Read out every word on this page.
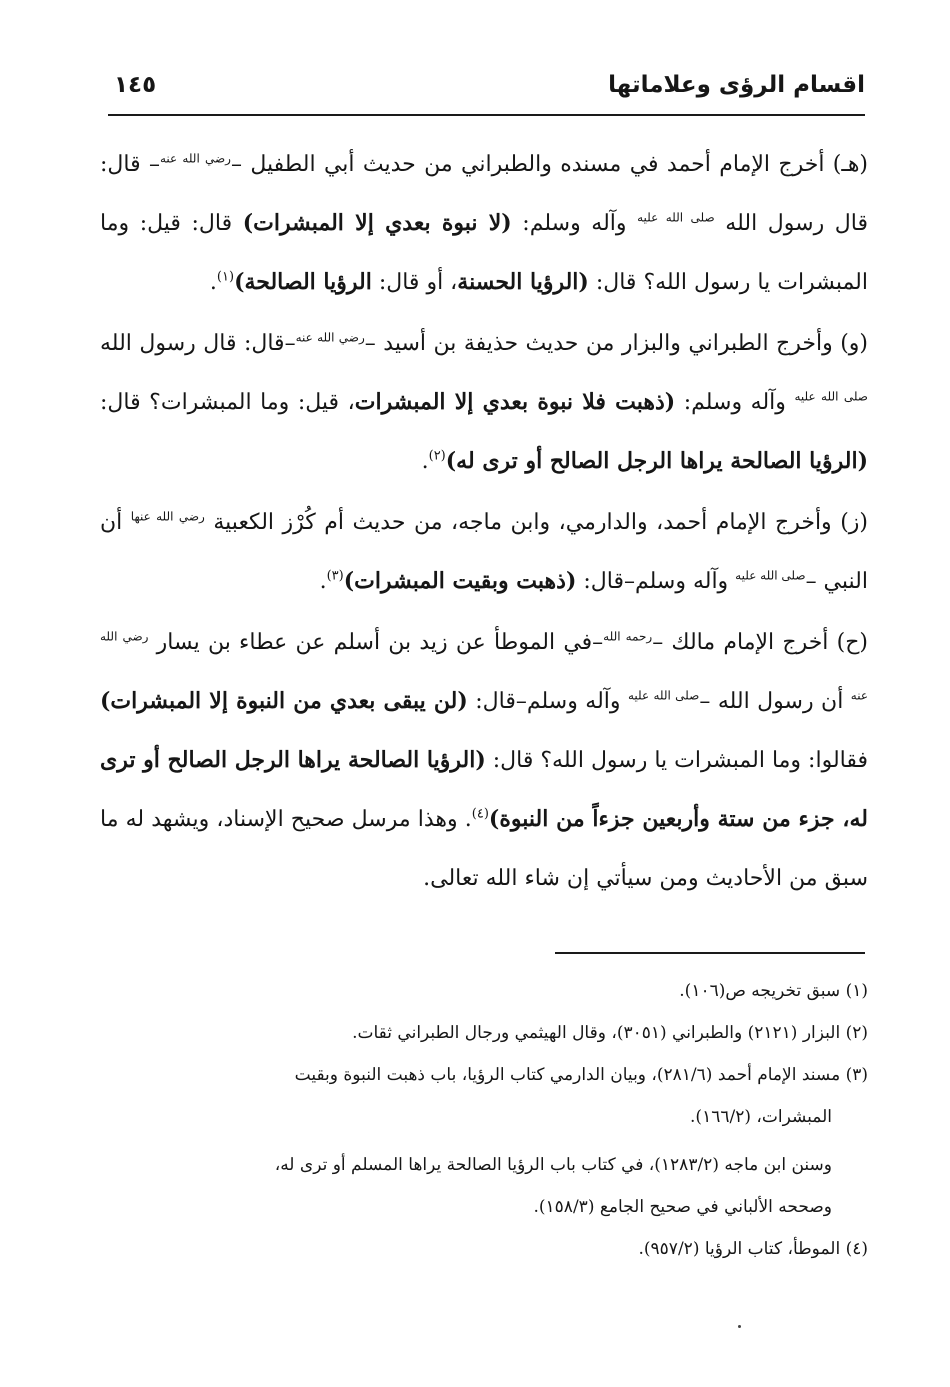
اقسام الرؤى وعلاماتها
١٤٥

(هـ) أخرج الإمام أحمد في مسنده والطبراني من حديث أبي الطفيل –$^{رضي الله عنه}$– قال: قال رسول الله $^{صلى الله عليه}$ وآله وسلم: (لا نبوة بعدي إلا المبشرات) قال: قيل: وما المبشرات يا رسول الله؟ قال: (الرؤيا الحسنة، أو قال: الرؤيا الصالحة)$^{(١)}$.

(و) وأخرج الطبراني والبزار من حديث حذيفة بن أسيد –$^{رضي الله عنه}$–قال: قال رسول الله $^{صلى الله عليه}$ وآله وسلم: (ذهبت فلا نبوة بعدي إلا المبشرات، قيل: وما المبشرات؟ قال: (الرؤيا الصالحة يراها الرجل الصالح أو ترى له)$^{(٢)}$.

(ز) وأخرج الإمام أحمد، والدارمي، وابن ماجه، من حديث أم كُرْز الكعبية $^{رضي الله عنها}$ أن النبي –$^{صلى الله عليه}$ وآله وسلم–قال: (ذهبت وبقيت المبشرات)$^{(٣)}$.

(ح) أخرج الإمام مالك –$^{رحمه الله}$–في الموطأ عن زيد بن أسلم عن عطاء بن يسار $^{رضي الله عنه}$ أن رسول الله –$^{صلى الله عليه}$ وآله وسلم–قال: (لن يبقى بعدي من النبوة إلا المبشرات) فقالوا: وما المبشرات يا رسول الله؟ قال: (الرؤيا الصالحة يراها الرجل الصالح أو ترى له، جزء من ستة وأربعين جزءاً من النبوة)$^{(٤)}$. وهذا مرسل صحيح الإسناد، ويشهد له ما سبق من الأحاديث ومن سيأتي إن شاء الله تعالى.

(١) سبق تخريجه ص(١٠٦).

(٢) البزار (٢١٢١) والطبراني (٣٠٥١)، وقال الهيثمي ورجال الطبراني ثقات.

(٣) مسند الإمام أحمد (٢٨١/٦)، وبيان الدارمي كتاب الرؤيا، باب ذهبت النبوة وبقيت

المبشرات، (١٦٦/٢).

وسنن ابن ماجه (١٢٨٣/٢)، في كتاب باب الرؤيا الصالحة يراها المسلم أو ترى له،

وصححه الألباني في صحيح الجامع (١٥٨/٣).

(٤) الموطأ، كتاب الرؤيا (٩٥٧/٢).
